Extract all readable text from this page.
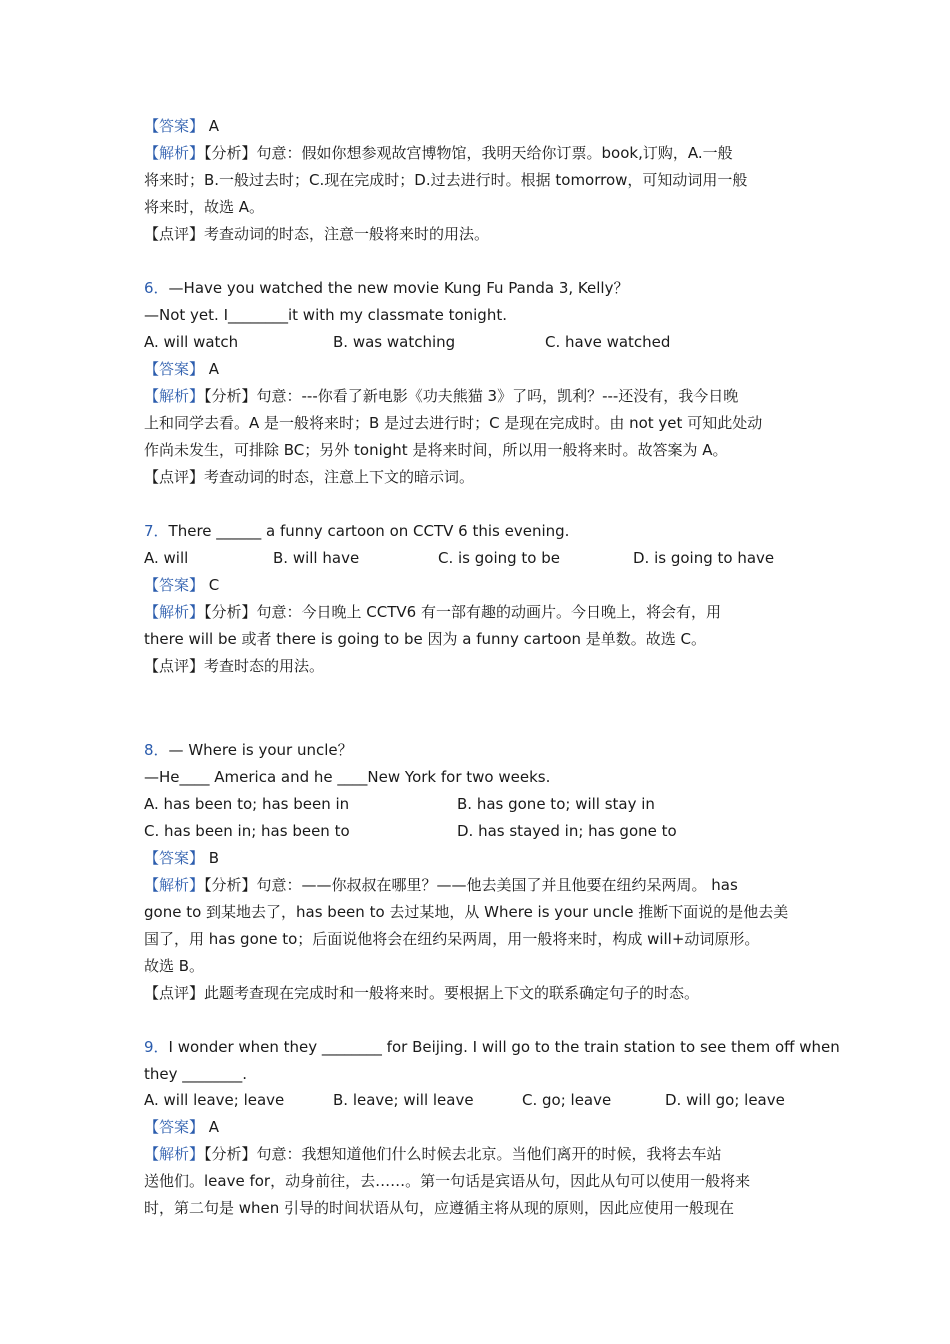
【答案】 A
【解析】【分析】句意：假如你想参观故宫博物馆，我明天给你订票。book,订购，A.一般
将来时；B.一般过去时；C.现在完成时；D.过去进行时。根据 tomorrow，可知动词用一般
将来时，故选 A。
【点评】考查动词的时态，注意一般将来时的用法。
6．—Have you watched the new movie Kung Fu Panda 3, Kelly？
—Not yet. I________it with my classmate tonight.
A. will watch	B. was watching	C. have watched
【答案】 A
【解析】【分析】句意：---你看了新电影《功夫熊猫 3》了吗，凯利？---还没有，我今日晚
上和同学去看。A 是一般将来时；B 是过去进行时；C 是现在完成时。由 not yet 可知此处动
作尚未发生，可排除 BC；另外 tonight 是将来时间，所以用一般将来时。故答案为 A。
【点评】考查动词的时态，注意上下文的暗示词。
7．There ______ a funny cartoon on CCTV 6 this evening.
A. will	B. will have	C. is going to be	D. is going to have
【答案】 C
【解析】【分析】句意：今日晚上 CCTV6 有一部有趣的动画片。今日晚上，将会有，用
there will be 或者 there is going to be 因为 a funny cartoon 是单数。故选 C。
【点评】考查时态的用法。
8．— Where is your uncle？
—He____ America and he ____New York for two weeks.
A. has been to; has been in	B. has gone to; will stay in
C. has been in; has been to	D. has stayed in; has gone to
【答案】 B
【解析】【分析】句意：——你叔叔在哪里？——他去美国了并且他要在纽约呆两周。 has
gone to 到某地去了，has been to 去过某地，从 Where is your uncle 推断下面说的是他去美
国了，用 has gone to；后面说他将会在纽约呆两周，用一般将来时，构成 will+动词原形。
故选 B。
【点评】此题考查现在完成时和一般将来时。要根据上下文的联系确定句子的时态。
9．I wonder when they ________ for Beijing. I will go to the train station to see them off when
they ________.
A. will leave; leave	B. leave; will leave	C. go; leave	D. will go; leave
【答案】 A
【解析】【分析】句意：我想知道他们什么时候去北京。当他们离开的时候，我将去车站
送他们。leave for，动身前往，去……。第一句话是宾语从句，因此从句可以使用一般将来
时，第二句是 when 引导的时间状语从句，应遵循主将从现的原则，因此应使用一般现在
